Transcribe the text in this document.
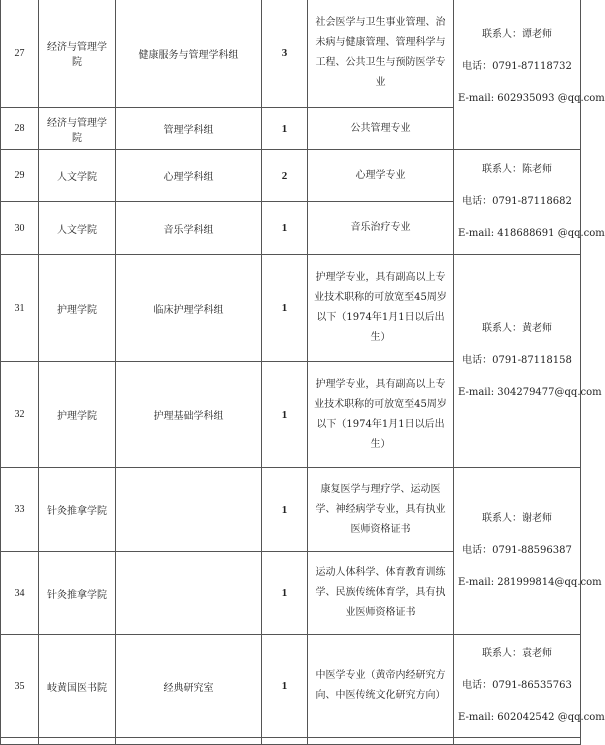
27	经济与管理学院	健康服务与管理学科组	3	社会医学与卫生事业管理、治未病与健康管理、管理科学与工程、公共卫生与预防医学专业	联系人：谭老师
电话：0791-87118732
E-mail: 602935093 @qq.com

28	经济与管理学院	管理学科组	1	公共管理专业	
29	人文学院	心理学科组	2	心理学专业	联系人：陈老师
电话：0791-87118682
E-mail: 418688691 @qq.com

30	人文学院	音乐学科组	1	音乐治疗专业	
31	护理学院	临床护理学科组	1	护理学专业，具有副高以上专业技术职称的可放宽至45周岁以下（1974年1月1日以后出生）	联系人：黄老师
电话：0791-87118158
E-mail: 304279477@qq.com

32	护理学院	护理基础学科组	1	护理学专业，具有副高以上专业技术职称的可放宽至45周岁以下（1974年1月1日以后出生）	
33	针灸推拿学院		1	康复医学与理疗学、运动医学、神经病学专业，具有执业医师资格证书	联系人：谢老师
电话：0791-88596387
E-mail: 281999814@qq.com

34	针灸推拿学院		1	运动人体科学、体育教育训练学、民族传统体育学，具有执业医师资格证书	
35	岐黄国医书院	经典研究室	1	中医学专业（黄帝内经研究方向、中医传统文化研究方向）	联系人：袁老师
电话：0791-86535763
E-mail: 602042542 @qq.com
